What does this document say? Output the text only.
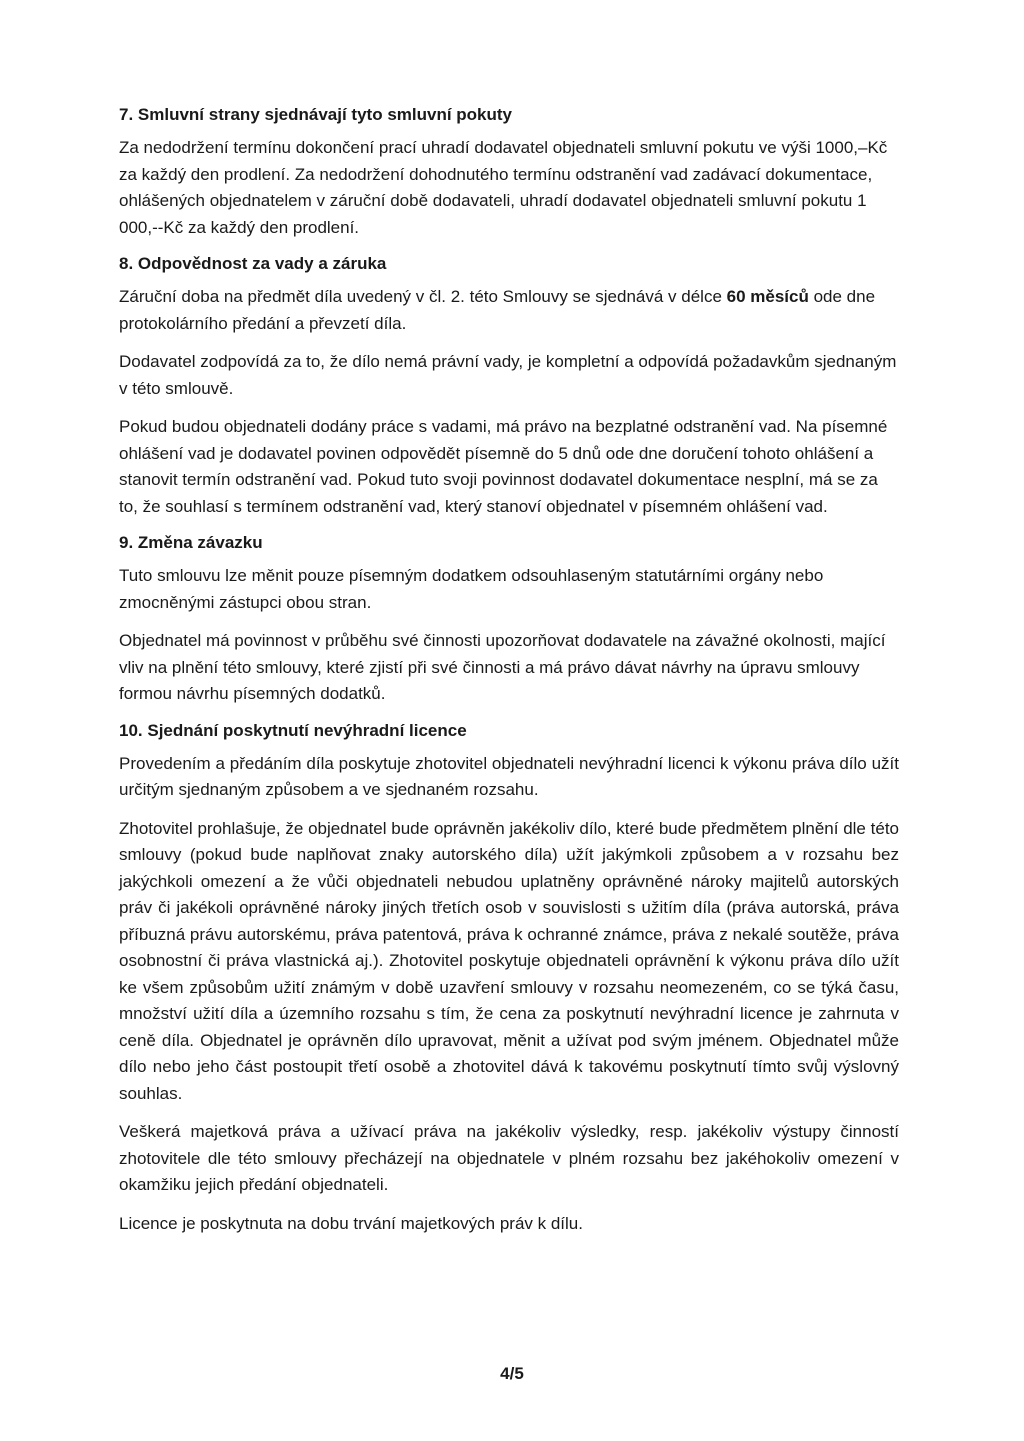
7. Smluvní strany sjednávají tyto smluvní pokuty

Za nedodržení termínu dokončení prací uhradí dodavatel objednateli smluvní pokutu ve výši 1000,–Kč za každý den prodlení. Za nedodržení dohodnutého termínu odstranění vad zadávací dokumentace, ohlášených objednatelem v záruční době dodavateli, uhradí dodavatel objednateli smluvní pokutu 1 000,--Kč za každý den prodlení.

8. Odpovědnost za vady a záruka

Záruční doba na předmět díla uvedený v čl. 2. této Smlouvy se sjednává v délce 60 měsíců ode dne protokolárního předání a převzetí díla.

Dodavatel zodpovídá za to, že dílo nemá právní vady, je kompletní a odpovídá požadavkům sjednaným v této smlouvě.

Pokud budou objednateli dodány práce s vadami, má právo na bezplatné odstranění vad. Na písemné ohlášení vad je dodavatel povinen odpovědět písemně do 5 dnů ode dne doručení tohoto ohlášení a stanovit termín odstranění vad. Pokud tuto svoji povinnost dodavatel dokumentace nesplní, má se za to, že souhlasí s termínem odstranění vad, který stanoví objednatel v písemném ohlášení vad.

9. Změna závazku

Tuto smlouvu lze měnit pouze písemným dodatkem odsouhlaseným statutárními orgány nebo zmocněnými zástupci obou stran.

Objednatel má povinnost v průběhu své činnosti upozorňovat dodavatele na závažné okolnosti, mající vliv na plnění této smlouvy, které zjistí při své činnosti a má právo dávat návrhy na úpravu smlouvy formou návrhu písemných dodatků.

10. Sjednání poskytnutí nevýhradní licence

Provedením a předáním díla poskytuje zhotovitel objednateli nevýhradní licenci k výkonu práva dílo užít určitým sjednaným způsobem a ve sjednaném rozsahu.

Zhotovitel prohlašuje, že objednatel bude oprávněn jakékoliv dílo, které bude předmětem plnění dle této smlouvy (pokud bude naplňovat znaky autorského díla) užít jakýmkoli způsobem a v rozsahu bez jakýchkoli omezení a že vůči objednateli nebudou uplatněny oprávněné nároky majitelů autorských práv či jakékoli oprávněné nároky jiných třetích osob v souvislosti s užitím díla (práva autorská, práva příbuzná právu autorskému, práva patentová, práva k ochranné známce, práva z nekalé soutěže, práva osobnostní či práva vlastnická aj.). Zhotovitel poskytuje objednateli oprávnění k výkonu práva dílo užít ke všem způsobům užití známým v době uzavření smlouvy v rozsahu neomezeném, co se týká času, množství užití díla a územního rozsahu s tím, že cena za poskytnutí nevýhradní licence je zahrnuta v ceně díla. Objednatel je oprávněn dílo upravovat, měnit a užívat pod svým jménem. Objednatel může dílo nebo jeho část postoupit třetí osobě a zhotovitel dává k takovému poskytnutí tímto svůj výslovný souhlas.

Veškerá majetková práva a užívací práva na jakékoliv výsledky, resp. jakékoliv výstupy činností zhotovitele dle této smlouvy přecházejí na objednatele v plném rozsahu bez jakéhokoliv omezení v okamžiku jejich předání objednateli.

Licence je poskytnuta na dobu trvání majetkových práv k dílu.

4/5
